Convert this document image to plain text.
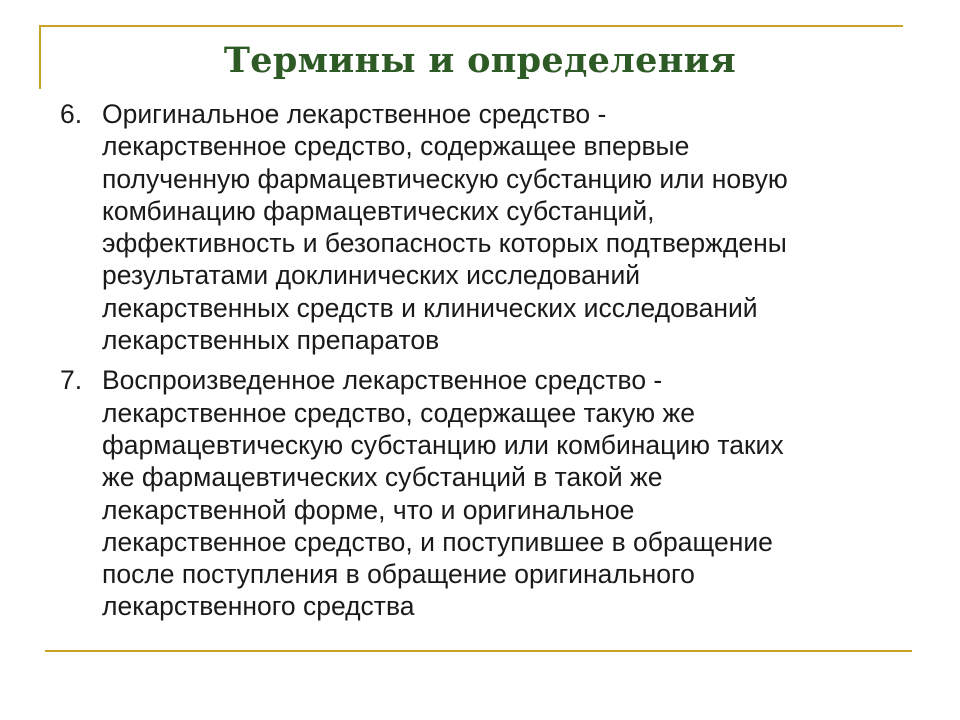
Термины и определения
6. Оригинальное лекарственное средство -
лекарственное средство, содержащее впервые
полученную фармацевтическую субстанцию или новую
комбинацию фармацевтических субстанций,
эффективность и безопасность которых подтверждены
результатами доклинических исследований
лекарственных средств и клинических исследований
лекарственных препаратов
7. Воспроизведенное лекарственное средство -
лекарственное средство, содержащее такую же
фармацевтическую субстанцию или комбинацию таких
же фармацевтических субстанций в такой же
лекарственной форме, что и оригинальное
лекарственное средство, и поступившее в обращение
после поступления в обращение оригинального
лекарственного средства
